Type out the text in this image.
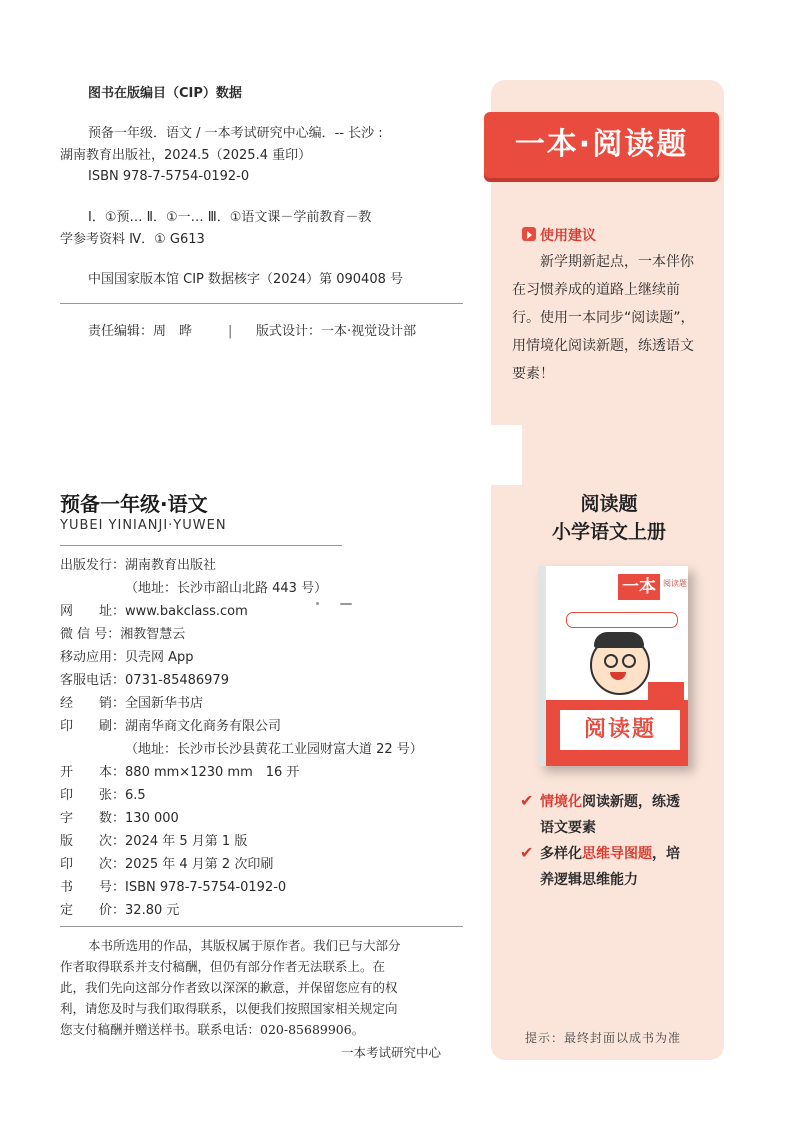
图书在版编目（CIP）数据
预备一年级．语文 / 一本考试研究中心编．-- 长沙 :
湖南教育出版社，2024.5（2025.4 重印）
ISBN 978-7-5754-0192-0
Ⅰ．①预… Ⅱ．①一… Ⅲ．①语文课－学前教育－教
学参考资料 Ⅳ．① G613
中国国家版本馆 CIP 数据核字（2024）第 090408 号
责任编辑：周　晔	| 版式设计：一本·视觉设计部
预备一年级·语文
YUBEI YINIANJI·YUWEN
出版发行：湖南教育出版社
（地址：长沙市韶山北路 443 号）
网　　址：www.bakclass.com
微 信 号：湘教智慧云
移动应用：贝壳网 App
客服电话：0731-85486979
经　　销：全国新华书店
印　　刷：湖南华商文化商务有限公司
（地址：长沙市长沙县黄花工业园财富大道 22 号）
开　　本：880 mm×1230 mm　16 开
印　　张：6.5
字　　数：130 000
版　　次：2024 年 5 月第 1 版
印　　次：2025 年 4 月第 2 次印刷
书　　号：ISBN 978-7-5754-0192-0
定　　价：32.80 元
本书所选用的作品，其版权属于原作者。我们已与大部分
作者取得联系并支付稿酬，但仍有部分作者无法联系上。在
此，我们先向这部分作者致以深深的歉意，并保留您应有的权
利，请您及时与我们取得联系，以便我们按照国家相关规定向
您支付稿酬并赠送样书。联系电话：020-85689906。
一本考试研究中心
一本·阅读题
使用建议
新学期新起点，一本伴你在习惯养成的道路上继续前行。使用一本同步“阅读题”，用情境化阅读新题，练透语文要素！
阅读题
小学语文上册
一本 阅读题
阅读题
✔ 情境化阅读新题，练透
语文要素
✔ 多样化思维导图题，培
养逻辑思维能力
提示：最终封面以成书为准
